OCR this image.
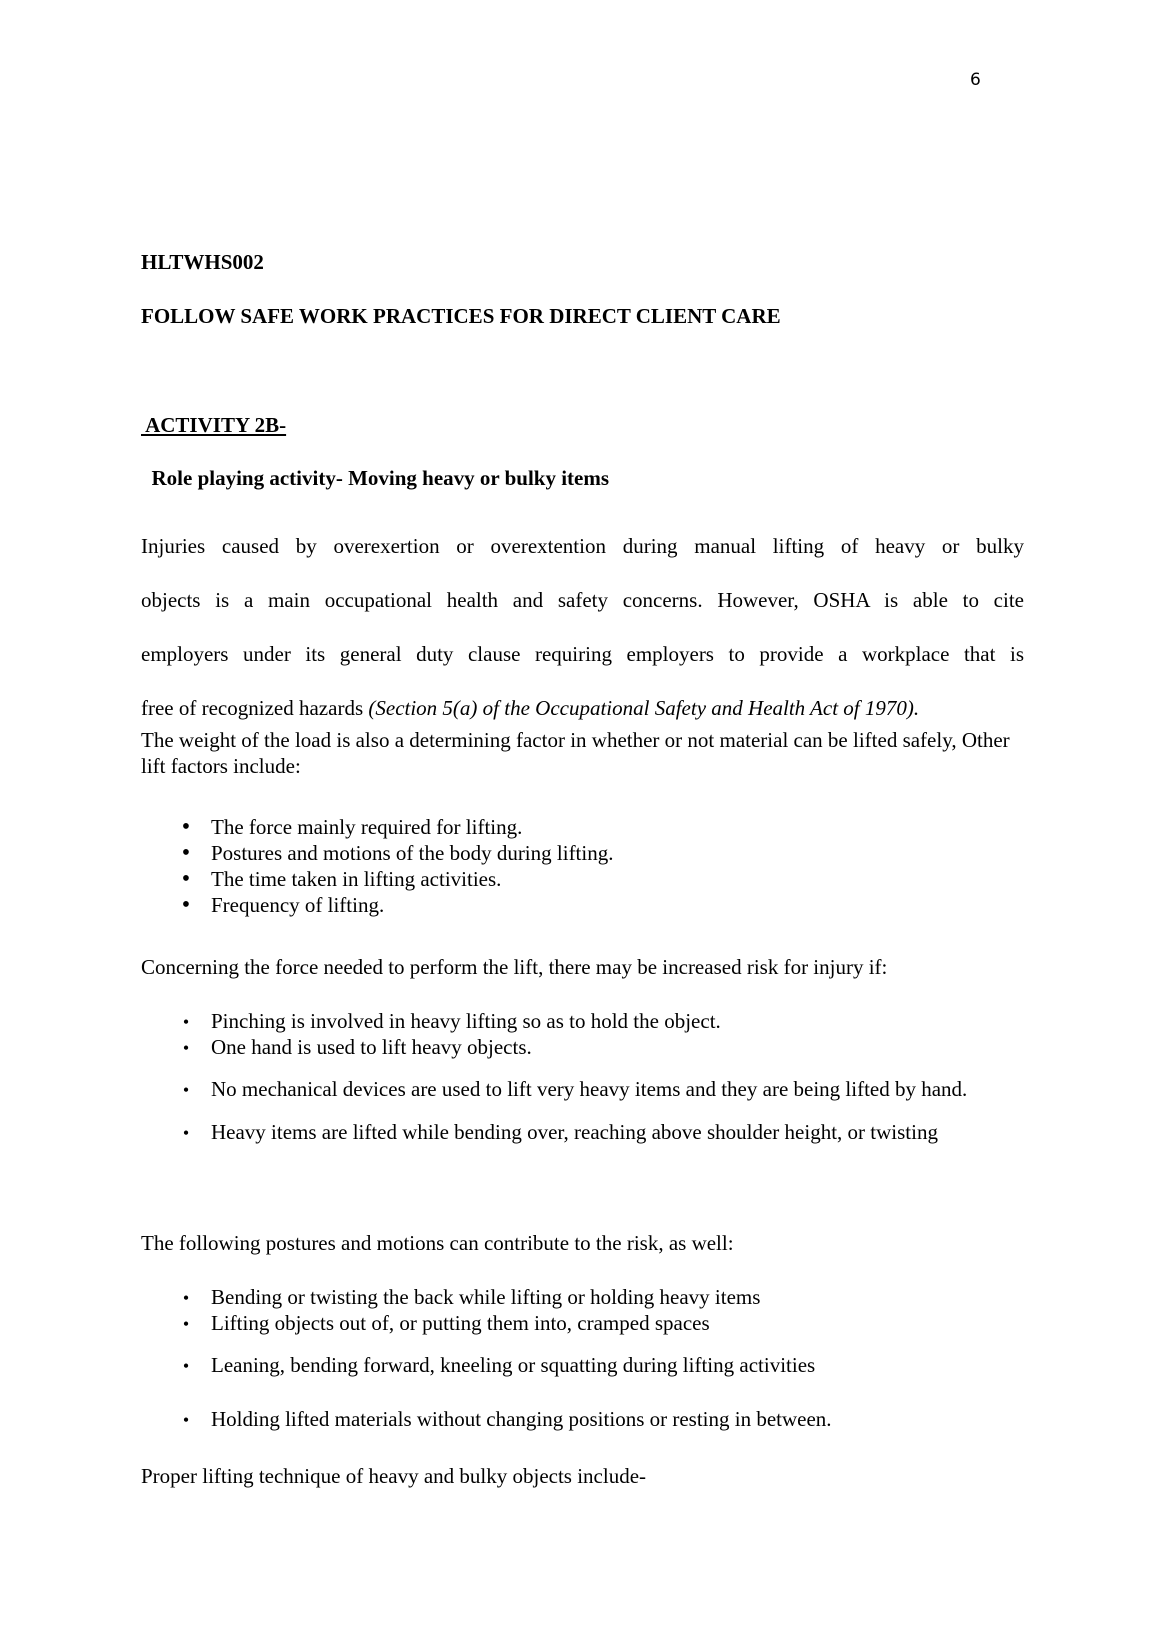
6
HLTWHS002
FOLLOW SAFE WORK PRACTICES FOR DIRECT CLIENT CARE
ACTIVITY 2B-
Role playing activity- Moving heavy or bulky items
Injuries caused by overexertion or overextention during manual lifting of heavy or bulky
objects is a main occupational health and safety concerns. However, OSHA is able to cite
employers under its general duty clause requiring employers to provide a workplace that is
free of recognized hazards (Section 5(a) of the Occupational Safety and Health Act of 1970).
The weight of the load is also a determining factor in whether or not material can be lifted safely, Other lift factors include:
• The force mainly required for lifting.
• Postures and motions of the body during lifting.
• The time taken in lifting activities.
• Frequency of lifting.
Concerning the force needed to perform the lift, there may be increased risk for injury if:
•	Pinching is involved in heavy lifting so as to hold the object.
•	One hand is used to lift heavy objects.
•	No mechanical devices are used to lift very heavy items and they are being lifted by hand.
•	Heavy items are lifted while bending over, reaching above shoulder height, or twisting
The following postures and motions can contribute to the risk, as well:
•	Bending or twisting the back while lifting or holding heavy items
•	Lifting objects out of, or putting them into, cramped spaces
•	Leaning, bending forward, kneeling or squatting during lifting activities
•	Holding lifted materials without changing positions or resting in between.
Proper lifting technique of heavy and bulky objects include-
